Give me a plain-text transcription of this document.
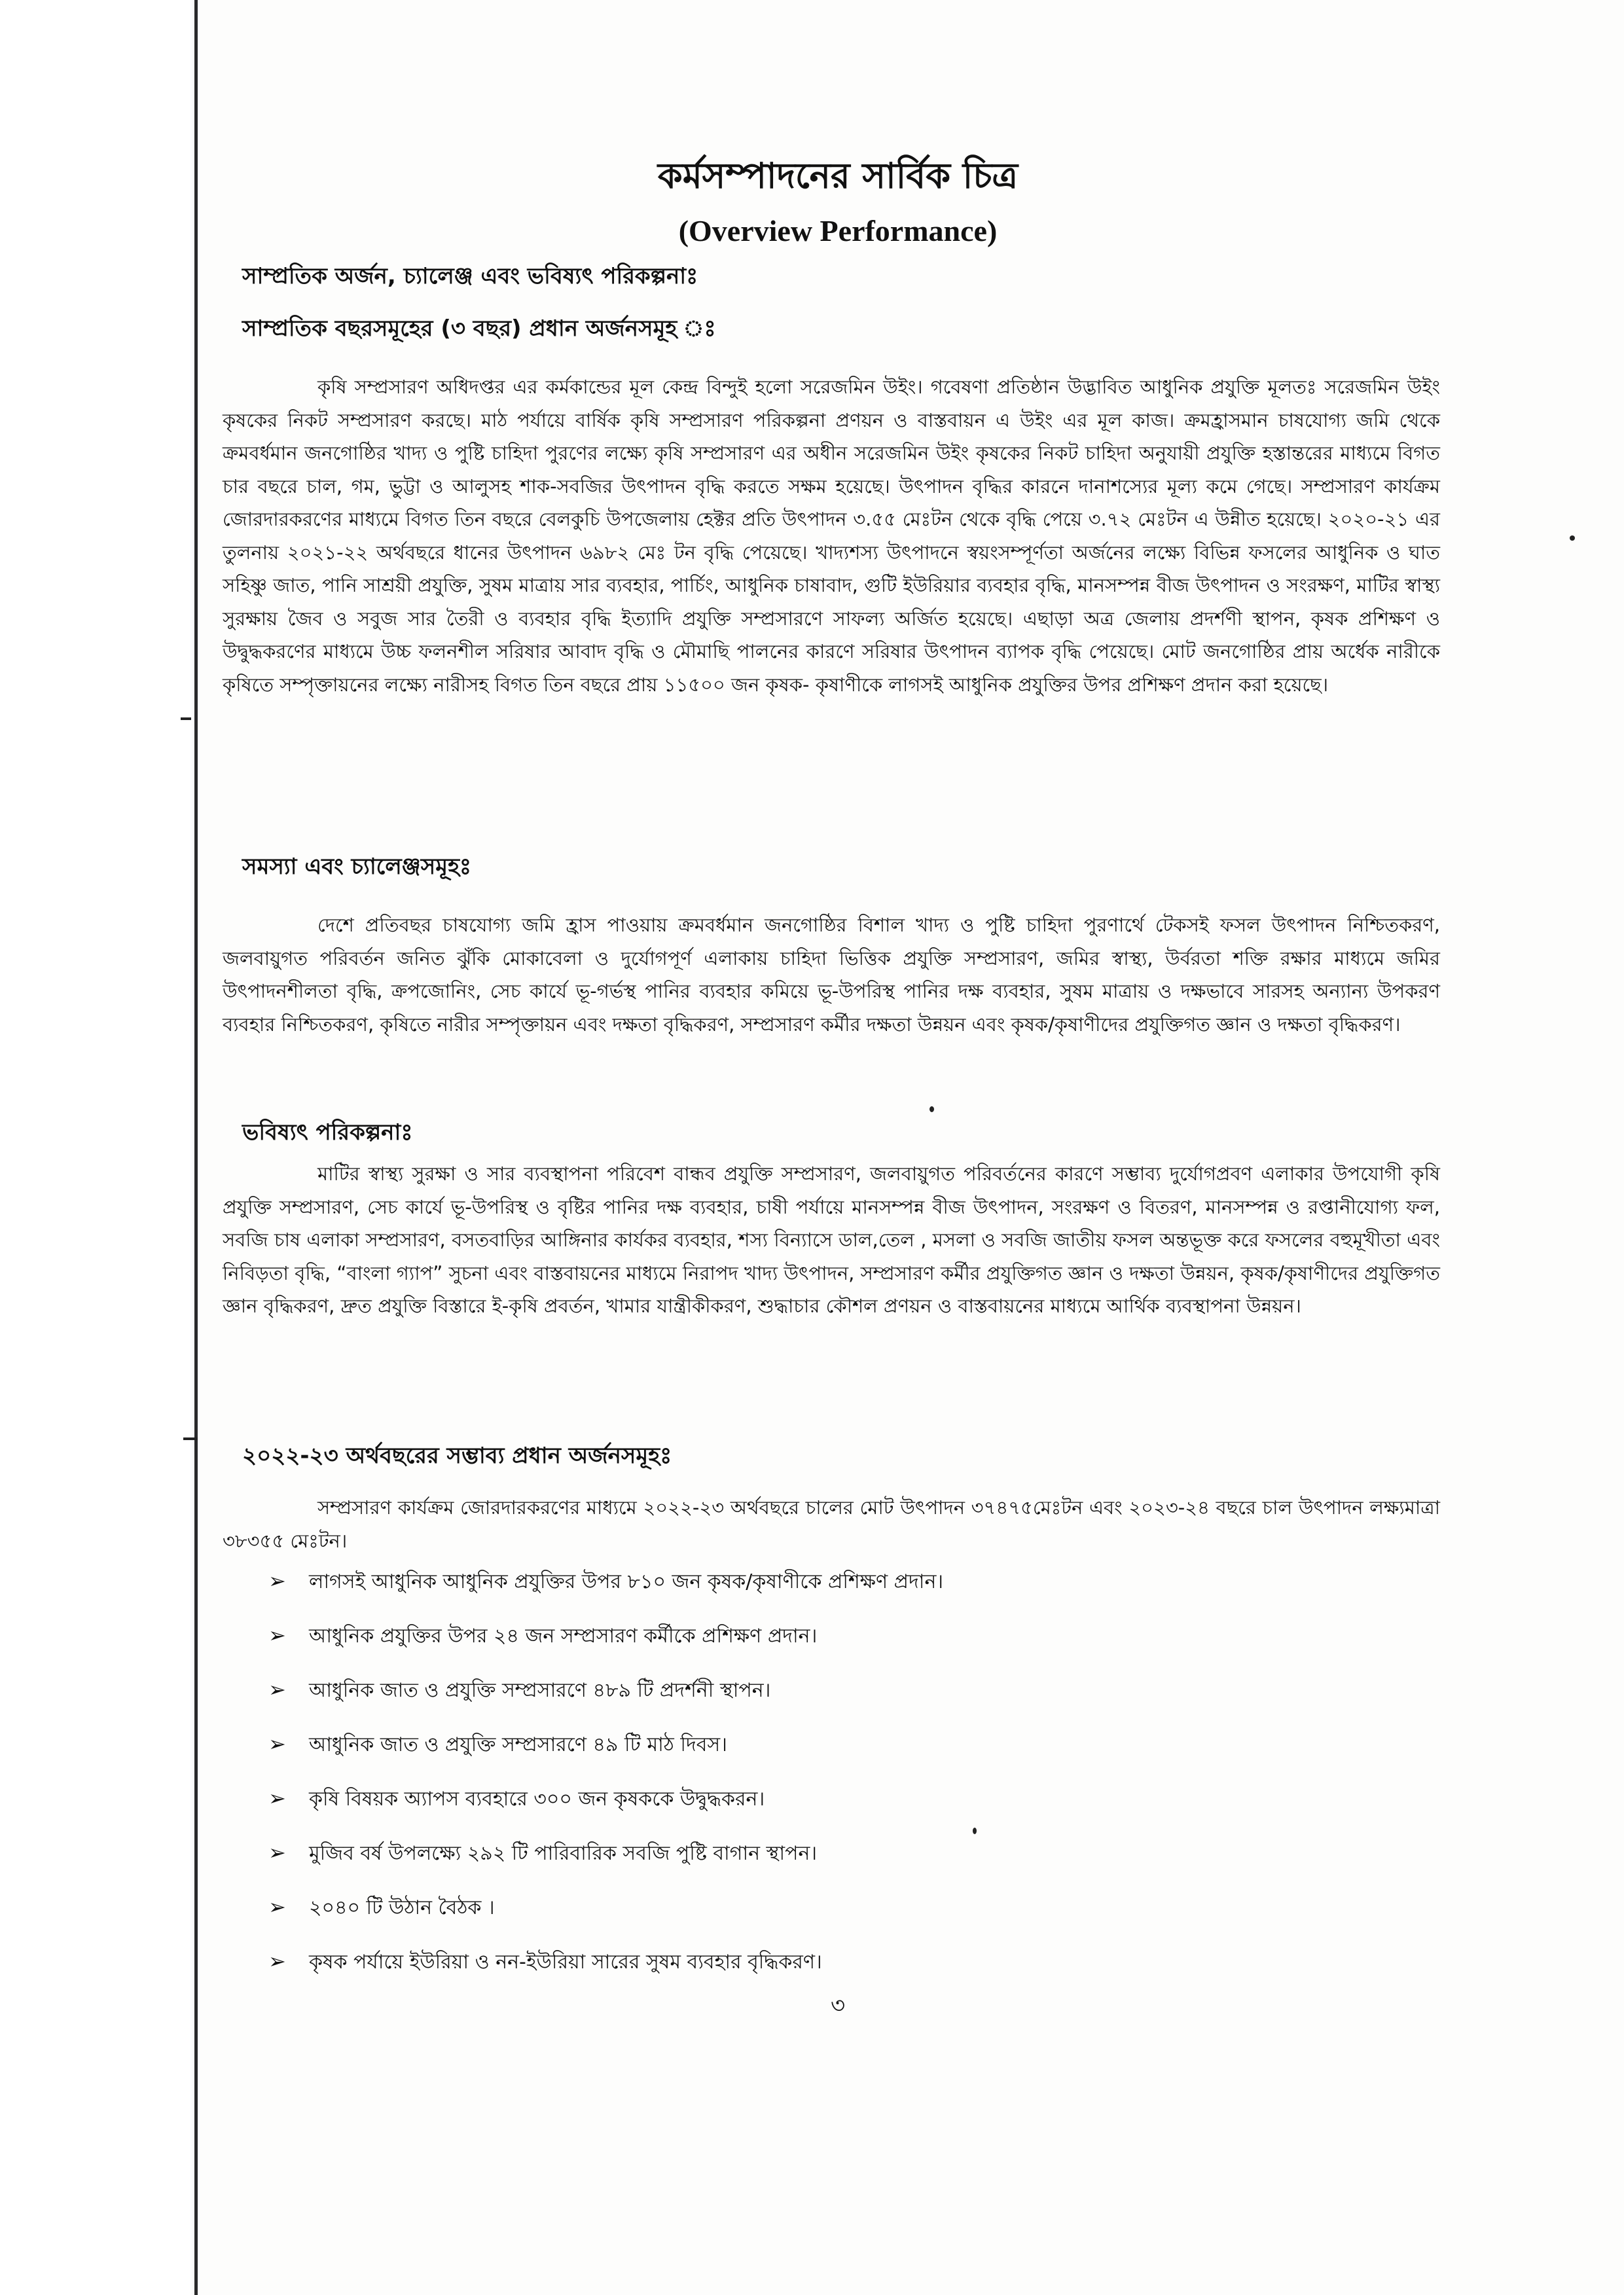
কর্মসম্পাদনের সার্বিক চিত্র
(Overview Performance)
সাম্প্রতিক অর্জন, চ্যালেঞ্জ এবং ভবিষ্যৎ পরিকল্পনাঃ
সাম্প্রতিক বছরসমূহের (৩ বছর) প্রধান অর্জনসমূহ ঃ

কৃষি সম্প্রসারণ অধিদপ্তর এর কর্মকান্ডের মূল কেন্দ্র বিন্দুই হলো সরেজমিন উইং। গবেষণা প্রতিষ্ঠান উদ্ভাবিত আধুনিক প্রযুক্তি মূলতঃ সরেজমিন উইং কৃষকের নিকট সম্প্রসারণ করছে। মাঠ পর্যায়ে বার্ষিক কৃষি সম্প্রসারণ পরিকল্পনা প্রণয়ন ও বাস্তবায়ন এ উইং এর মূল কাজ। ক্রমহ্রাসমান চাষযোগ্য জমি থেকে ক্রমবর্ধমান জনগোষ্ঠির খাদ্য ও পুষ্টি চাহিদা পুরণের লক্ষ্যে কৃষি সম্প্রসারণ এর অধীন সরেজমিন উইং কৃষকের নিকট চাহিদা অনুযায়ী প্রযুক্তি হস্তান্তরের মাধ্যমে বিগত চার বছরে চাল, গম, ভুট্টা ও আলুসহ শাক-সবজির উৎপাদন বৃদ্ধি করতে সক্ষম হয়েছে। উৎপাদন বৃদ্ধির কারনে দানাশস্যের মূল্য কমে গেছে। সম্প্রসারণ কার্যক্রম জোরদারকরণের মাধ্যমে বিগত তিন বছরে বেলকুচি উপজেলায় হেক্টর প্রতি উৎপাদন ৩.৫৫ মেঃটন থেকে বৃদ্ধি পেয়ে ৩.৭২ মেঃটন এ উন্নীত হয়েছে। ২০২০-২১ এর তুলনায় ২০২১-২২ অর্থবছরে ধানের উৎপাদন ৬৯৮২ মেঃ টন বৃদ্ধি পেয়েছে। খাদ্যশস্য উৎপাদনে স্বয়ংসম্পূর্ণতা অর্জনের লক্ষ্যে বিভিন্ন ফসলের আধুনিক ও ঘাত সহিষ্ণু জাত, পানি সাশ্রয়ী প্রযুক্তি, সুষম মাত্রায় সার ব্যবহার, পার্চিং, আধুনিক চাষাবাদ, গুটি ইউরিয়ার ব্যবহার বৃদ্ধি, মানসম্পন্ন বীজ উৎপাদন ও সংরক্ষণ, মাটির স্বাস্থ্য সুরক্ষায় জৈব ও সবুজ সার তৈরী ও ব্যবহার বৃদ্ধি ইত্যাদি প্রযুক্তি সম্প্রসারণে সাফল্য অর্জিত হয়েছে। এছাড়া অত্র জেলায় প্রদর্শণী স্থাপন, কৃষক প্রশিক্ষণ ও উদ্বুদ্ধকরণের মাধ্যমে উচ্চ ফলনশীল সরিষার আবাদ বৃদ্ধি ও মৌমাছি পালনের কারণে সরিষার উৎপাদন ব্যাপক বৃদ্ধি পেয়েছে। মোট জনগোষ্ঠির প্রায় অর্ধেক নারীকে কৃষিতে সম্পৃক্তায়নের লক্ষ্যে নারীসহ বিগত তিন বছরে প্রায় ১১৫০০ জন কৃষক- কৃষাণীকে লাগসই আধুনিক প্রযুক্তির উপর প্রশিক্ষণ প্রদান করা হয়েছে।

সমস্যা এবং চ্যালেঞ্জসমূহঃ

দেশে প্রতিবছর চাষযোগ্য জমি হ্রাস পাওয়ায় ক্রমবর্ধমান জনগোষ্ঠির বিশাল খাদ্য ও পুষ্টি চাহিদা পুরণার্থে টেকসই ফসল উৎপাদন নিশ্চিতকরণ, জলবায়ুগত পরিবর্তন জনিত ঝুঁকি মোকাবেলা ও দুর্যোগপূর্ণ এলাকায় চাহিদা ভিত্তিক প্রযুক্তি সম্প্রসারণ, জমির স্বাস্থ্য, উর্বরতা শক্তি রক্ষার মাধ্যমে জমির উৎপাদনশীলতা বৃদ্ধি, ক্রপজোনিং, সেচ কার্যে ভূ-গর্ভস্থ পানির ব্যবহার কমিয়ে ভূ-উপরিস্থ পানির দক্ষ ব্যবহার, সুষম মাত্রায় ও দক্ষভাবে সারসহ অন্যান্য উপকরণ ব্যবহার নিশ্চিতকরণ, কৃষিতে নারীর সম্পৃক্তায়ন এবং দক্ষতা বৃদ্ধিকরণ, সম্প্রসারণ কর্মীর দক্ষতা উন্নয়ন এবং কৃষক/কৃষাণীদের প্রযুক্তিগত জ্ঞান ও দক্ষতা বৃদ্ধিকরণ।

ভবিষ্যৎ পরিকল্পনাঃ

মাটির স্বাস্থ্য সুরক্ষা ও সার ব্যবস্থাপনা পরিবেশ বান্ধব প্রযুক্তি সম্প্রসারণ, জলবায়ুগত পরিবর্তনের কারণে সম্ভাব্য দুর্যোগপ্রবণ এলাকার উপযোগী কৃষি প্রযুক্তি সম্প্রসারণ, সেচ কার্যে ভূ-উপরিস্থ ও বৃষ্টির পানির দক্ষ ব্যবহার, চাষী পর্যায়ে মানসম্পন্ন বীজ উৎপাদন, সংরক্ষণ ও বিতরণ, মানসম্পন্ন ও রপ্তানীযোগ্য ফল, সবজি চাষ এলাকা সম্প্রসারণ, বসতবাড়ির আঙ্গিনার কার্যকর ব্যবহার, শস্য বিন্যাসে ডাল,তেল , মসলা ও সবজি জাতীয় ফসল অন্তভূক্ত করে ফসলের বহুমূখীতা এবং নিবিড়তা বৃদ্ধি, “বাংলা গ্যাপ” সুচনা এবং বাস্তবায়নের মাধ্যমে নিরাপদ খাদ্য উৎপাদন, সম্প্রসারণ কর্মীর প্রযুক্তিগত জ্ঞান ও দক্ষতা উন্নয়ন, কৃষক/কৃষাণীদের প্রযুক্তিগত জ্ঞান বৃদ্ধিকরণ, দ্রুত প্রযুক্তি বিস্তারে ই-কৃষি প্রবর্তন, খামার যান্ত্রীকীকরণ, শুদ্ধাচার কৌশল প্রণয়ন ও বাস্তবায়নের মাধ্যমে আর্থিক ব্যবস্থাপনা উন্নয়ন।

২০২২-২৩ অর্থবছরের সম্ভাব্য প্রধান অর্জনসমূহঃ

সম্প্রসারণ কার্যক্রম জোরদারকরণের মাধ্যমে ২০২২-২৩ অর্থবছরে চালের মোট উৎপাদন ৩৭৪৭৫মেঃটন এবং ২০২৩-২৪ বছরে চাল উৎপাদন লক্ষ্যমাত্রা ৩৮৩৫৫ মেঃটন।

➢	লাগসই আধুনিক আধুনিক প্রযুক্তির উপর ৮১০ জন কৃষক/কৃষাণীকে প্রশিক্ষণ প্রদান।
➢	আধুনিক প্রযুক্তির উপর ২৪ জন সম্প্রসারণ কর্মীকে প্রশিক্ষণ প্রদান।
➢	আধুনিক জাত ও প্রযুক্তি সম্প্রসারণে ৪৮৯ টি প্রদর্শনী স্থাপন।
➢	আধুনিক জাত ও প্রযুক্তি সম্প্রসারণে ৪৯ টি মাঠ দিবস।
➢	কৃষি বিষয়ক অ্যাপস ব্যবহারে ৩০০ জন কৃষককে উদ্বুদ্ধকরন।
➢	মুজিব বর্ষ উপলক্ষ্যে ২৯২ টি পারিবারিক সবজি পুষ্টি বাগান স্থাপন।
➢	২০৪০ টি উঠান বৈঠক ।
➢	কৃষক পর্যায়ে ইউরিয়া ও নন-ইউরিয়া সারের সুষম ব্যবহার বৃদ্ধিকরণ।
৩
